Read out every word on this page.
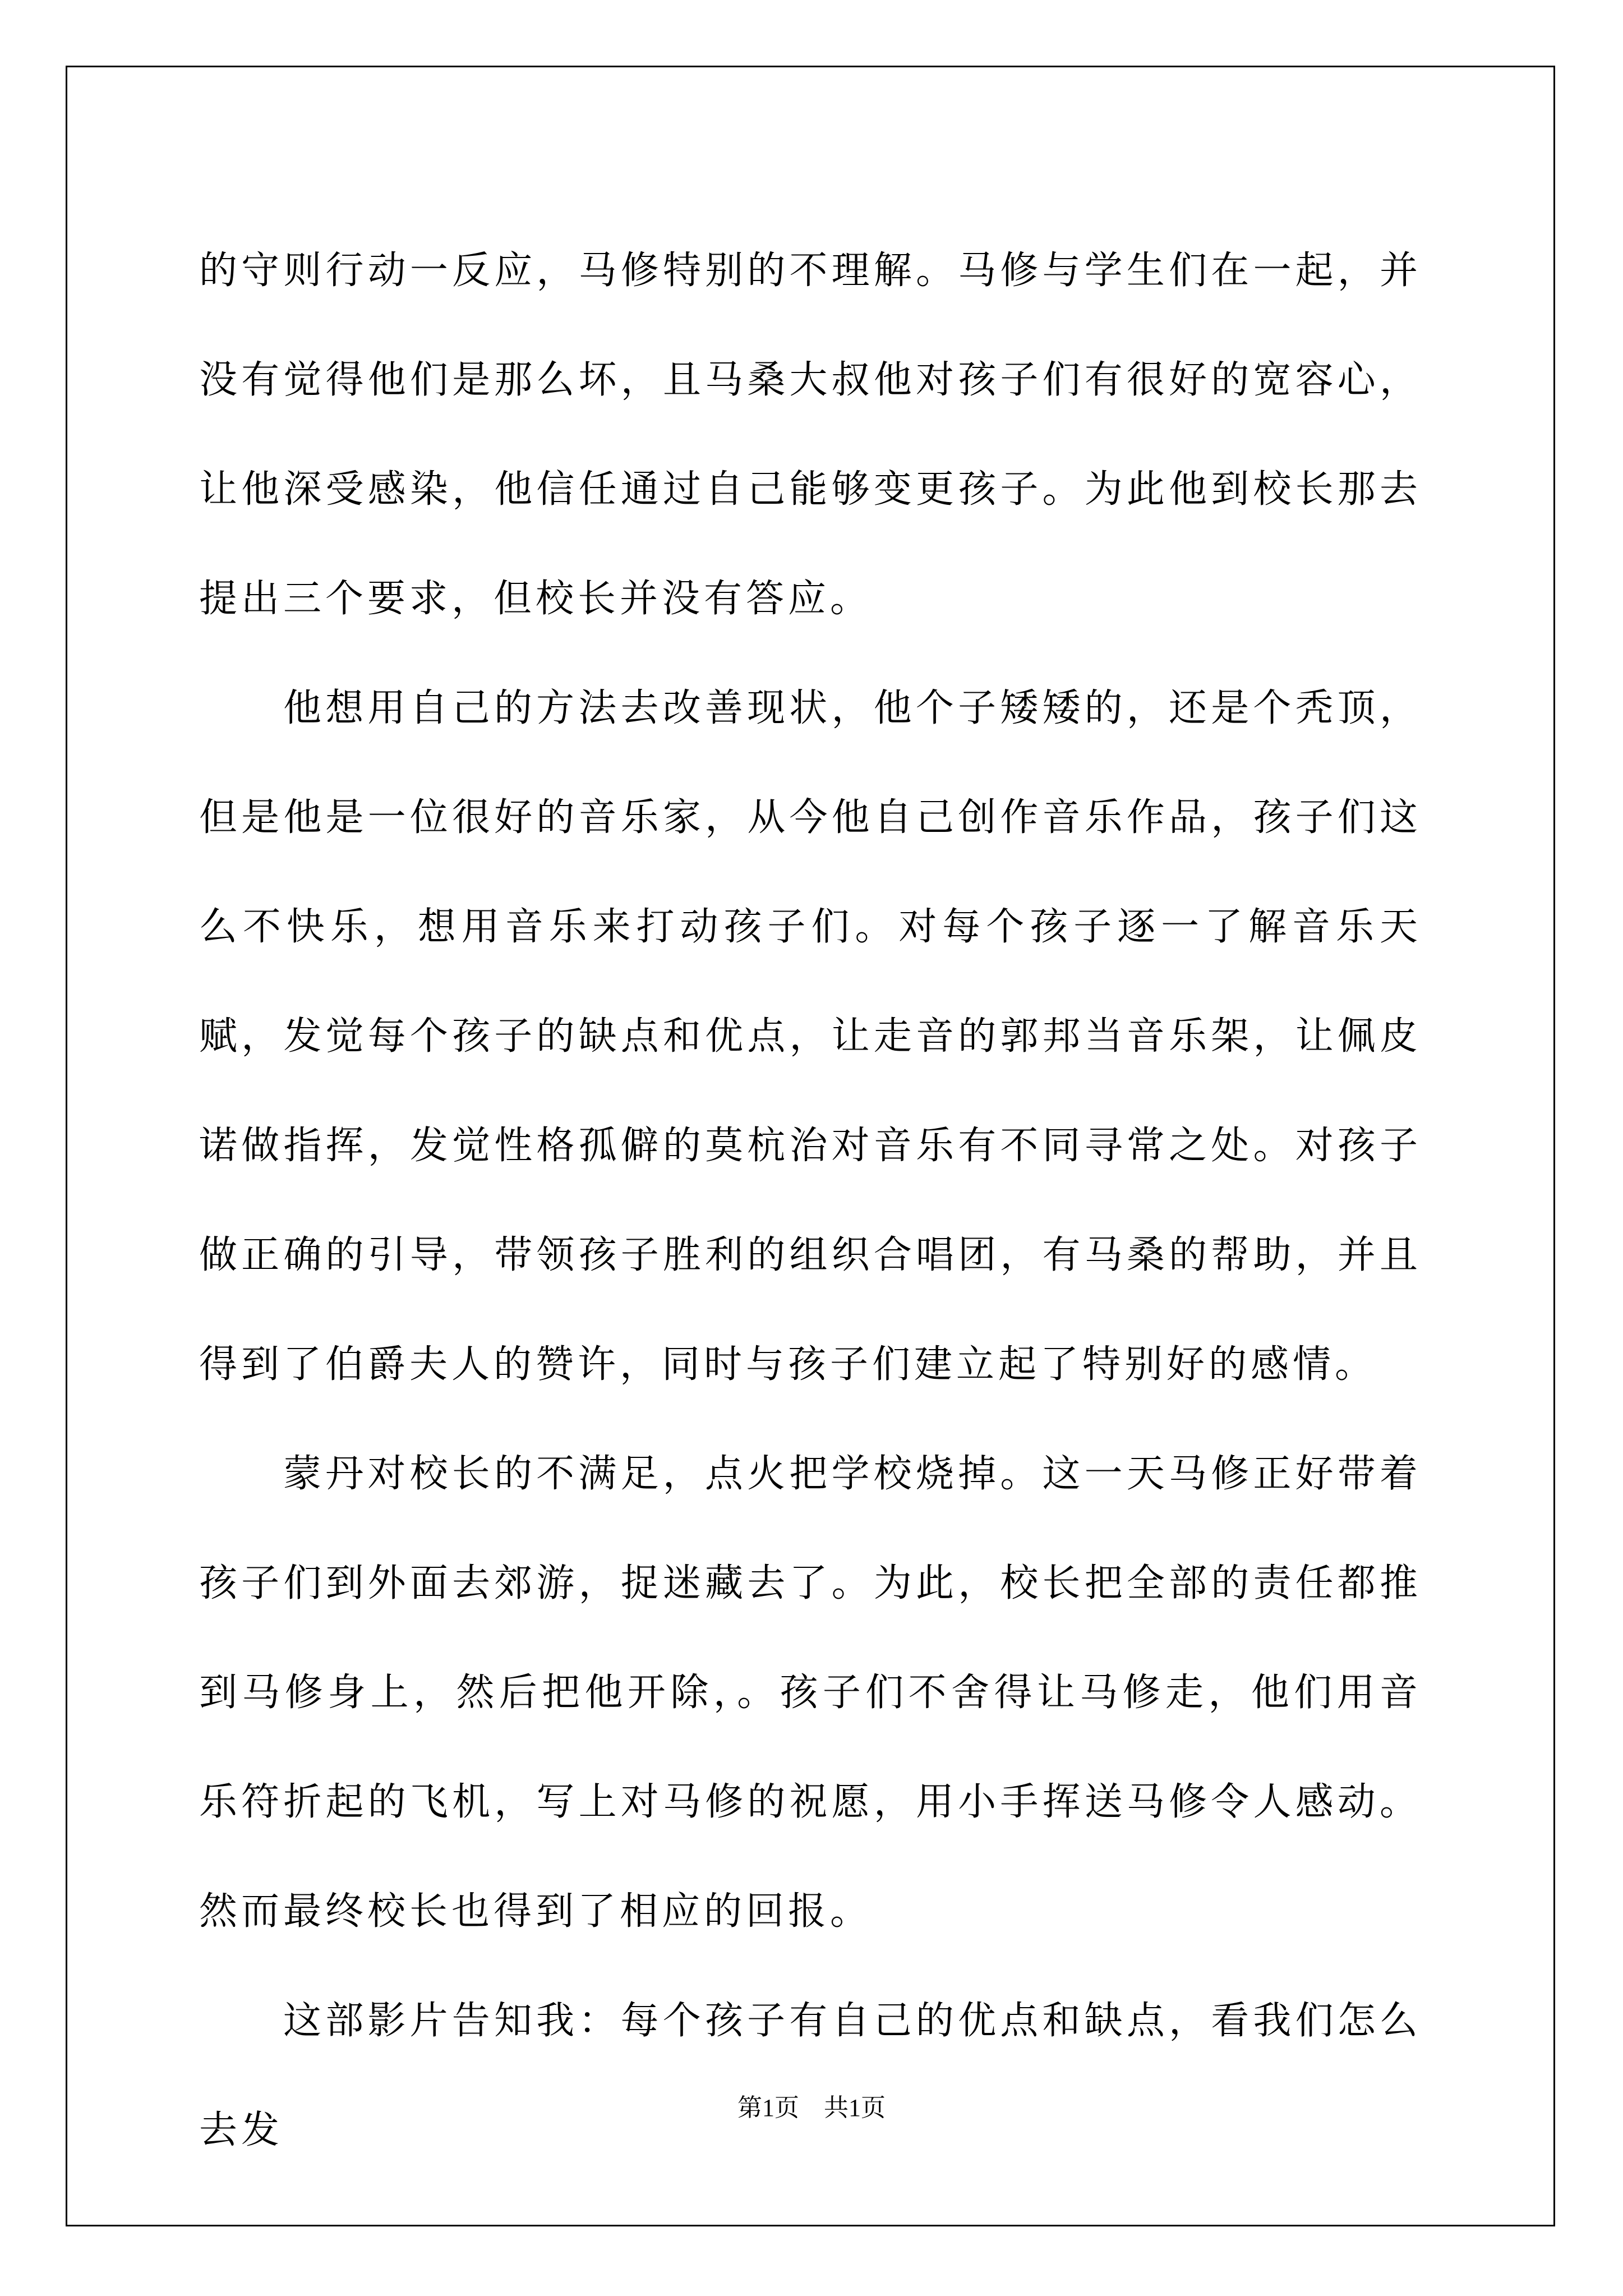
的守则行动一反应，马修特别的不理解。马修与学生们在一起，并没有觉得他们是那么坏，且马桑大叔他对孩子们有很好的宽容心，让他深受感染，他信任通过自己能够变更孩子。为此他到校长那去提出三个要求，但校长并没有答应。

他想用自己的方法去改善现状，他个子矮矮的，还是个秃顶，但是他是一位很好的音乐家，从今他自己创作音乐作品，孩子们这么不快乐，想用音乐来打动孩子们。对每个孩子逐一了解音乐天赋，发觉每个孩子的缺点和优点，让走音的郭邦当音乐架，让佩皮诺做指挥，发觉性格孤僻的莫杭治对音乐有不同寻常之处。对孩子做正确的引导，带领孩子胜利的组织合唱团，有马桑的帮助，并且得到了伯爵夫人的赞许，同时与孩子们建立起了特别好的感情。

蒙丹对校长的不满足，点火把学校烧掉。这一天马修正好带着孩子们到外面去郊游，捉迷藏去了。为此，校长把全部的责任都推到马修身上，然后把他开除，。孩子们不舍得让马修走，他们用音乐符折起的飞机，写上对马修的祝愿，用小手挥送马修令人感动。然而最终校长也得到了相应的回报。

这部影片告知我：每个孩子有自己的优点和缺点，看我们怎么去发

第1页　共1页
